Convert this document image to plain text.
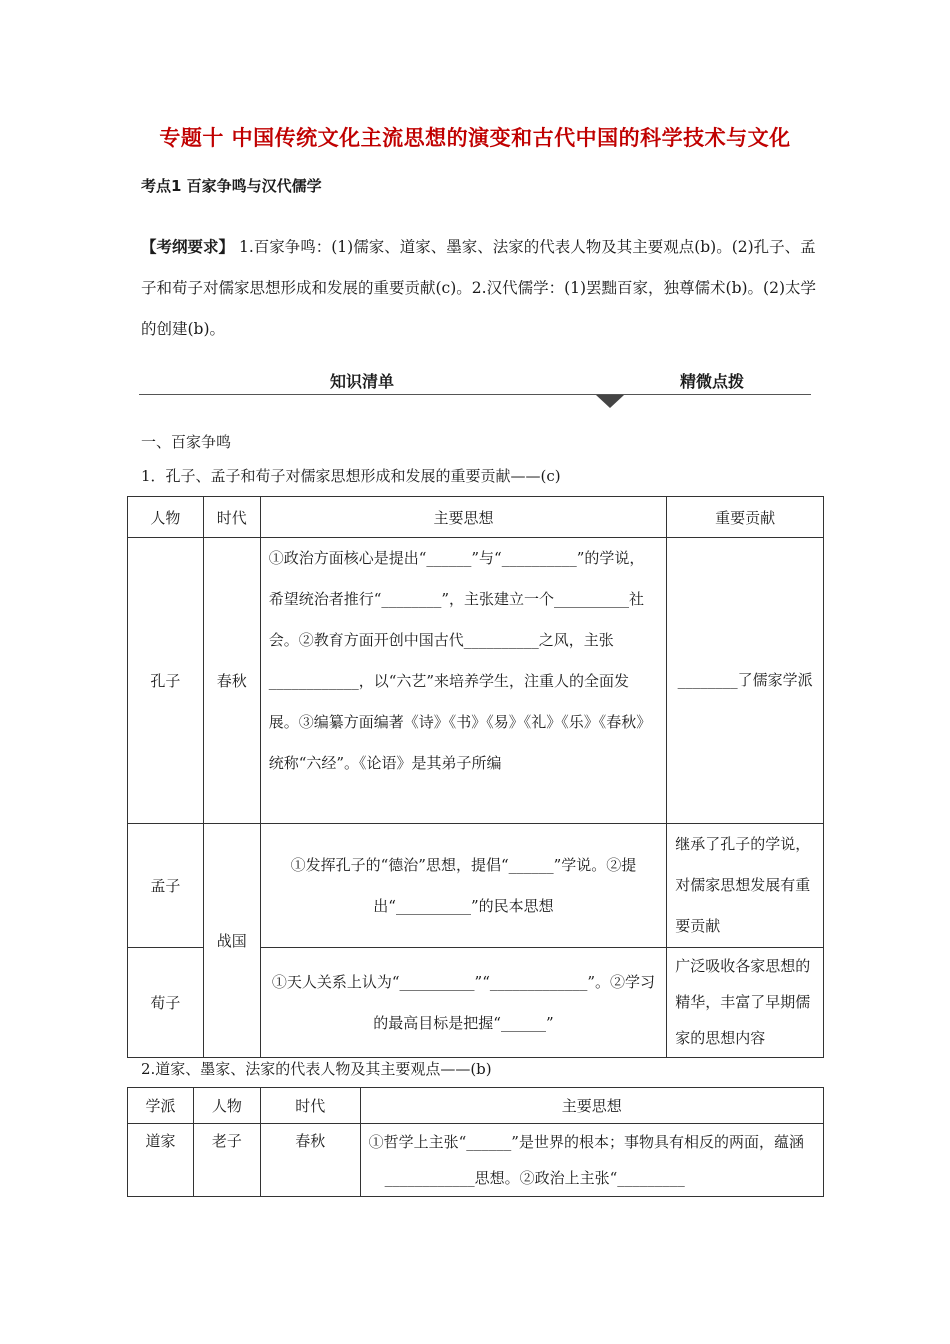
专题十 中国传统文化主流思想的演变和古代中国的科学技术与文化
考点1 百家争鸣与汉代儒学
【考纲要求】 1.百家争鸣：(1)儒家、道家、墨家、法家的代表人物及其主要观点(b)。(2)孔子、孟子和荀子对儒家思想形成和发展的重要贡献(c)。2.汉代儒学：(1)罢黜百家，独尊儒术(b)。(2)太学的创建(b)。
知识清单	精微点拨
一、百家争鸣
1．孔子、孟子和荀子对儒家思想形成和发展的重要贡献——(c)
人物	时代	主要思想	重要贡献
孔子	春秋	①政治方面核心是提出“______”与“__________”的学说，希望统治者推行“________”，主张建立一个__________社会。②教育方面开创中国古代__________之风，主张____________，以“六艺”来培养学生，注重人的全面发展。③编纂方面编著《诗》《书》《易》《礼》《乐》《春秋》统称“六经”。《论语》是其弟子所编	________了儒家学派
孟子	战国	①发挥孔子的“德治”思想，提倡“______”学说。②提出“__________”的民本思想	继承了孔子的学说，对儒家思想发展有重要贡献
荀子		①天人关系上认为“__________”“_____________”。②学习的最高目标是把握“______”	广泛吸收各家思想的精华，丰富了早期儒家的思想内容
2.道家、墨家、法家的代表人物及其主要观点——(b)
学派	人物	时代	主要思想
道家	老子	春秋	①哲学上主张“______”是世界的根本；事物具有相反的两面，蕴涵____________思想。②政治上主张“_________
